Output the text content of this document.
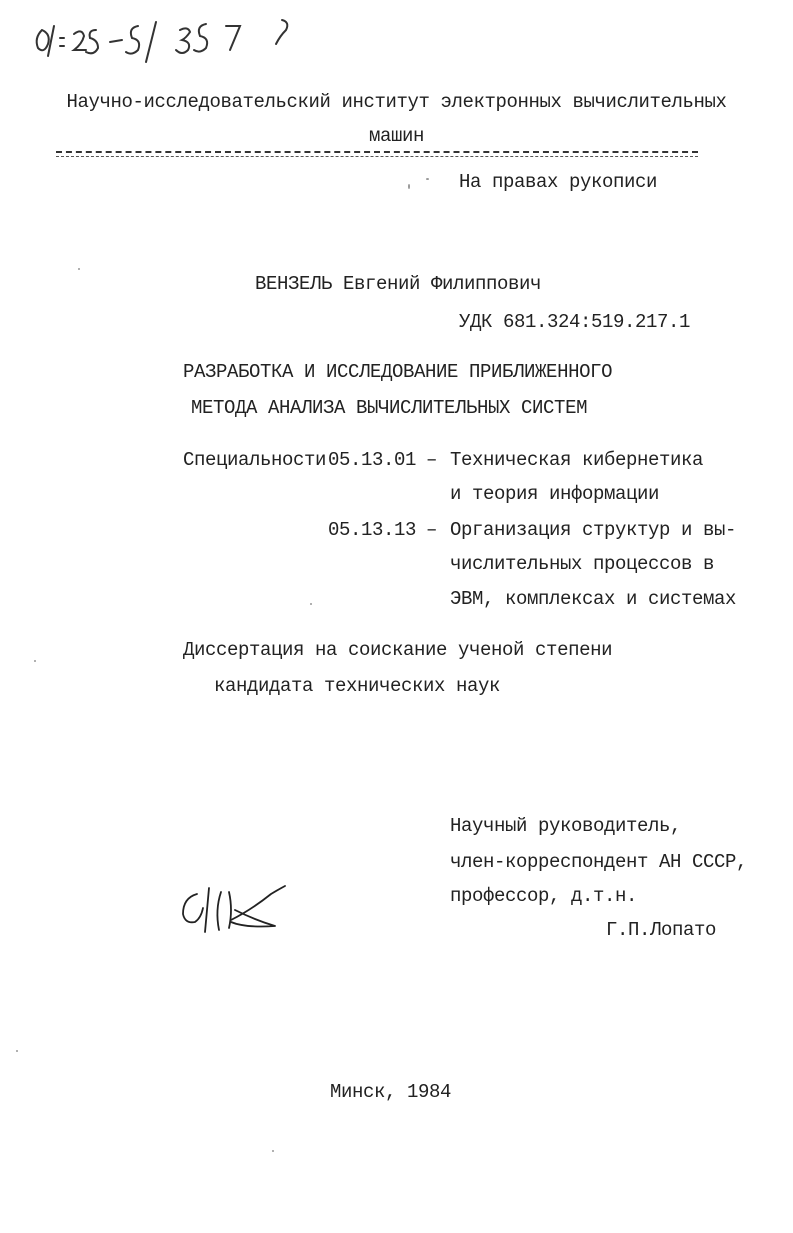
Научно-исследовательский институт электронных вычислительных
машин
На правах рукописи
ВЕНЗЕЛЬ Евгений Филиппович
УДК 681.324:519.217.1
РАЗРАБОТКА И ИССЛЕДОВАНИЕ ПРИБЛИЖЕННОГО
МЕТОДА АНАЛИЗА ВЫЧИСЛИТЕЛЬНЫХ СИСТЕМ
Специальности 05.13.01 – Техническая кибернетика
и теория информации
05.13.13 – Организация структур и вы-
числительных процессов в
ЭВМ, комплексах и системах
Диссертация на соискание ученой степени
кандидата технических наук
Научный руководитель,
член-корреспондент АН СССР,
профессор, д.т.н.
Г.П.Лопато
Минск, 1984
